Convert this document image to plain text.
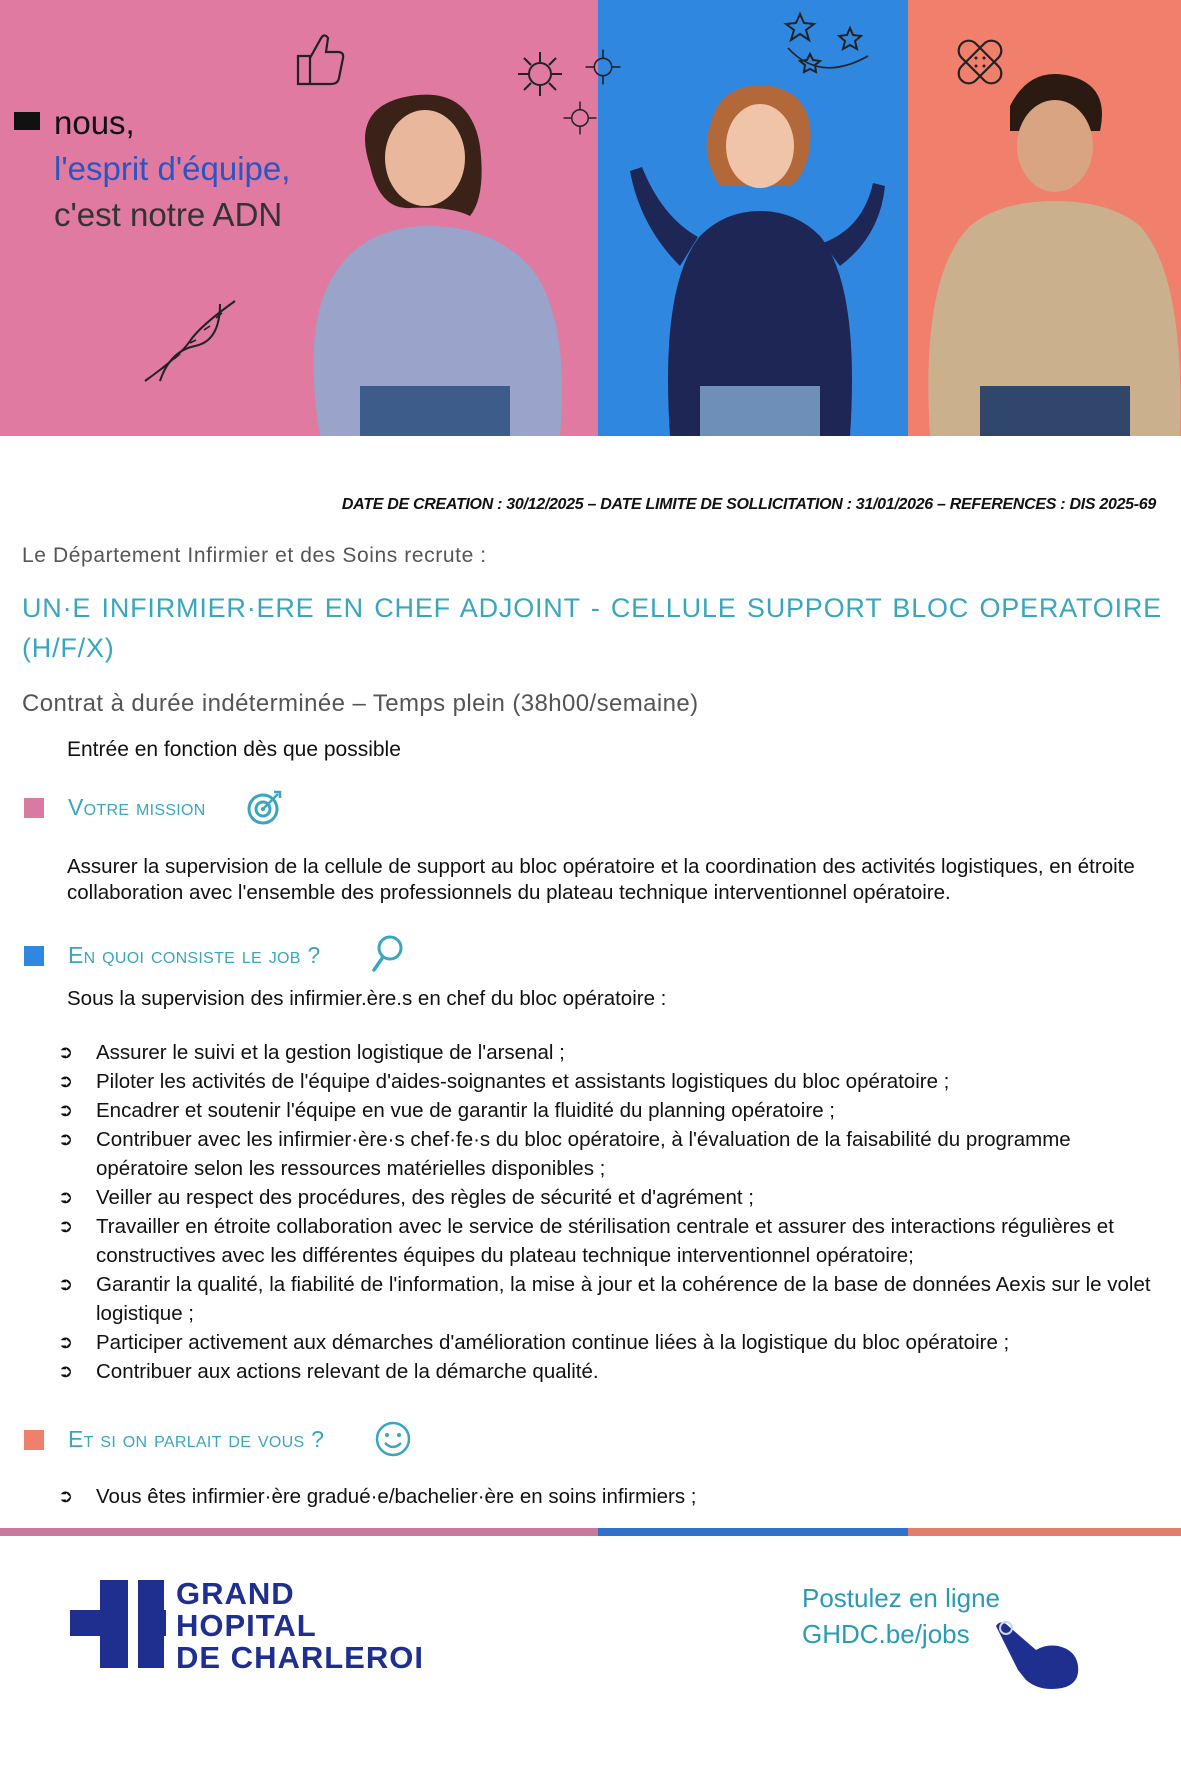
nous,
l'esprit d'équipe,
c'est notre ADN
DATE DE CREATION : 30/12/2025 – DATE LIMITE DE SOLLICITATION : 31/01/2026 – REFERENCES : DIS 2025-69
Le Département Infirmier et des Soins recrute :
UN·E INFIRMIER·ERE EN CHEF ADJOINT - CELLULE SUPPORT BLOC OPERATOIRE (H/F/X)
Contrat à durée indéterminée – Temps plein (38h00/semaine)
Entrée en fonction dès que possible
Votre mission
Assurer la supervision de la cellule de support au bloc opératoire et la coordination des activités logistiques, en étroite collaboration avec l'ensemble des professionnels du plateau technique interventionnel opératoire.
En quoi consiste le job ?
Sous la supervision des infirmier.ère.s en chef du bloc opératoire :
➲ Assurer le suivi et la gestion logistique de l'arsenal ;
➲ Piloter les activités de l'équipe d'aides-soignantes et assistants logistiques du bloc opératoire ;
➲ Encadrer et soutenir l'équipe en vue de garantir la fluidité du planning opératoire ;
➲ Contribuer avec les infirmier·ère·s chef·fe·s du bloc opératoire, à l'évaluation de la faisabilité du programme opératoire selon les ressources matérielles disponibles ;
➲ Veiller au respect des procédures, des règles de sécurité et d'agrément ;
➲ Travailler en étroite collaboration avec le service de stérilisation centrale et assurer des interactions régulières et constructives avec les différentes équipes du plateau technique interventionnel opératoire;
➲ Garantir la qualité, la fiabilité de l'information, la mise à jour et la cohérence de la base de données Aexis sur le volet logistique ;
➲ Participer activement aux démarches d'amélioration continue liées à la logistique du bloc opératoire ;
➲ Contribuer aux actions relevant de la démarche qualité.
Et si on parlait de vous ?
➲ Vous êtes infirmier·ère gradué·e/bachelier·ère en soins infirmiers ;
GRAND
HOPITAL
DE CHARLEROI
Postulez en ligne
GHDC.be/jobs
